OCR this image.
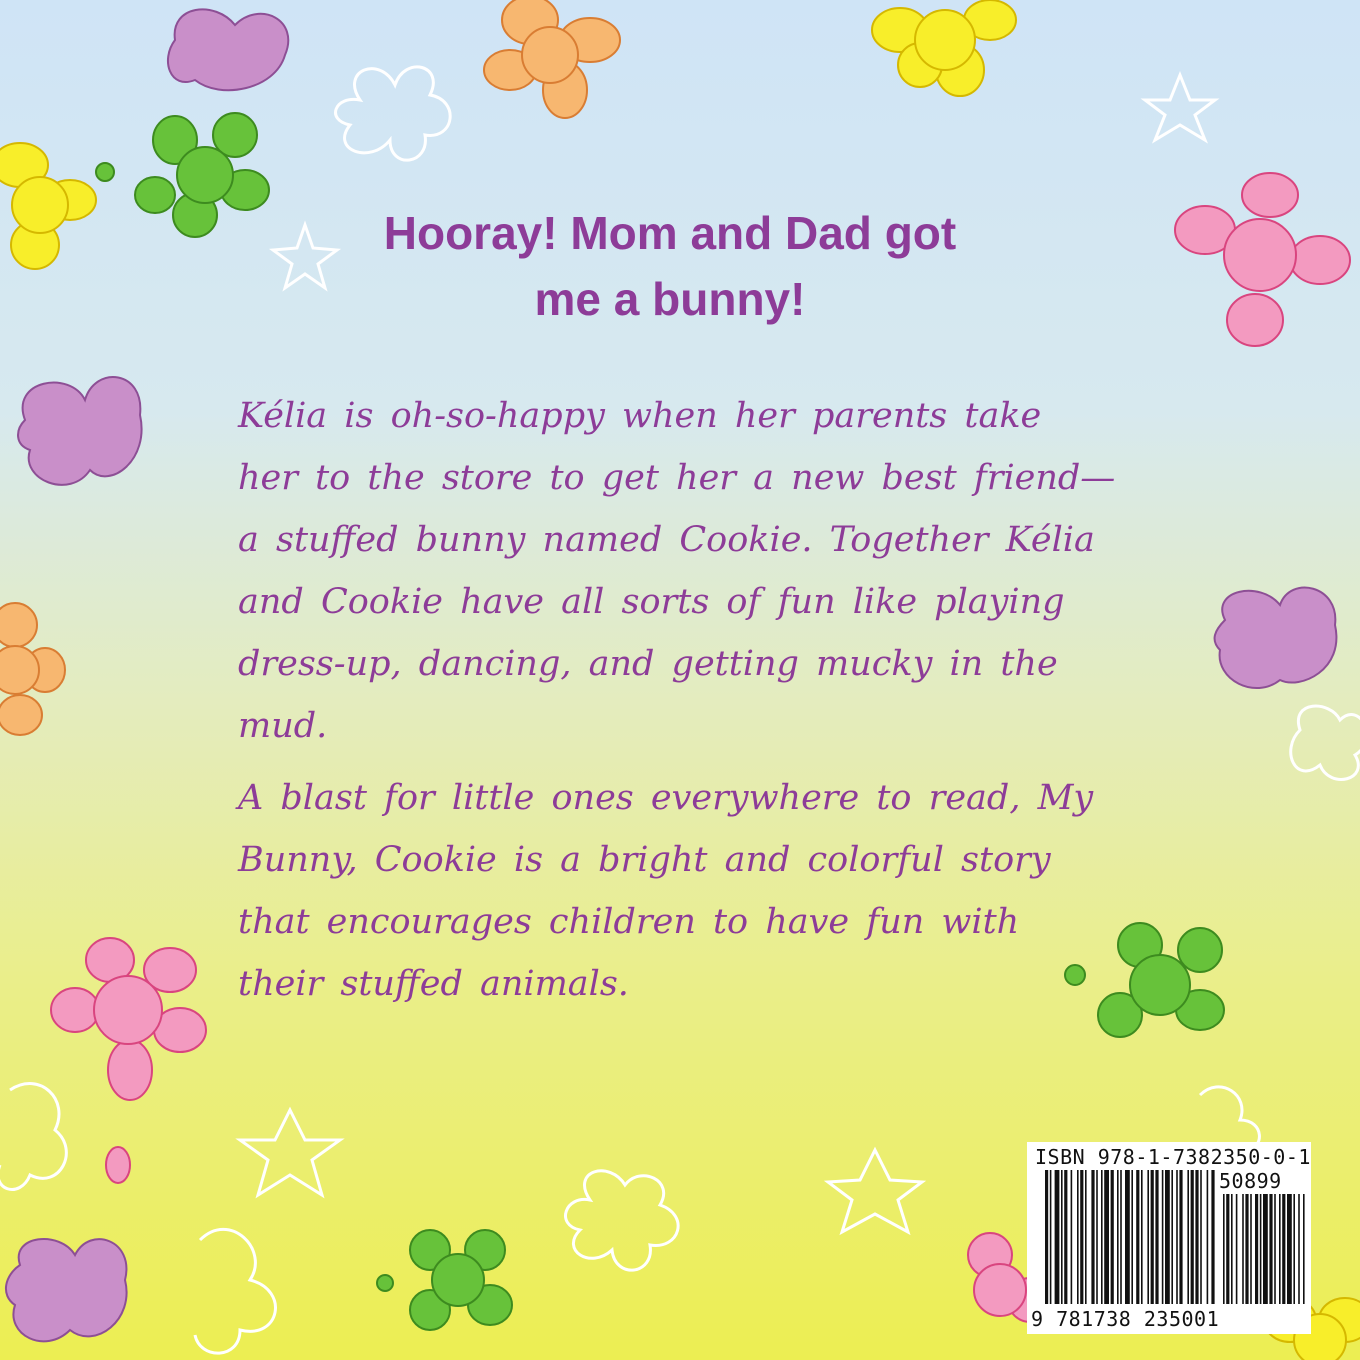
Hooray! Mom and Dad got
me a bunny!

Kélia is oh-so-happy when her parents take her to the store to get her a new best friend—a stuffed bunny named Cookie. Together Kélia and Cookie have all sorts of fun like playing dress-up, dancing, and getting mucky in the mud.

A blast for little ones everywhere to read, My Bunny, Cookie is a bright and colorful story that encourages children to have fun with their stuffed animals.

ISBN 978-1-7382350-0-1
50899
9 781738 235001
